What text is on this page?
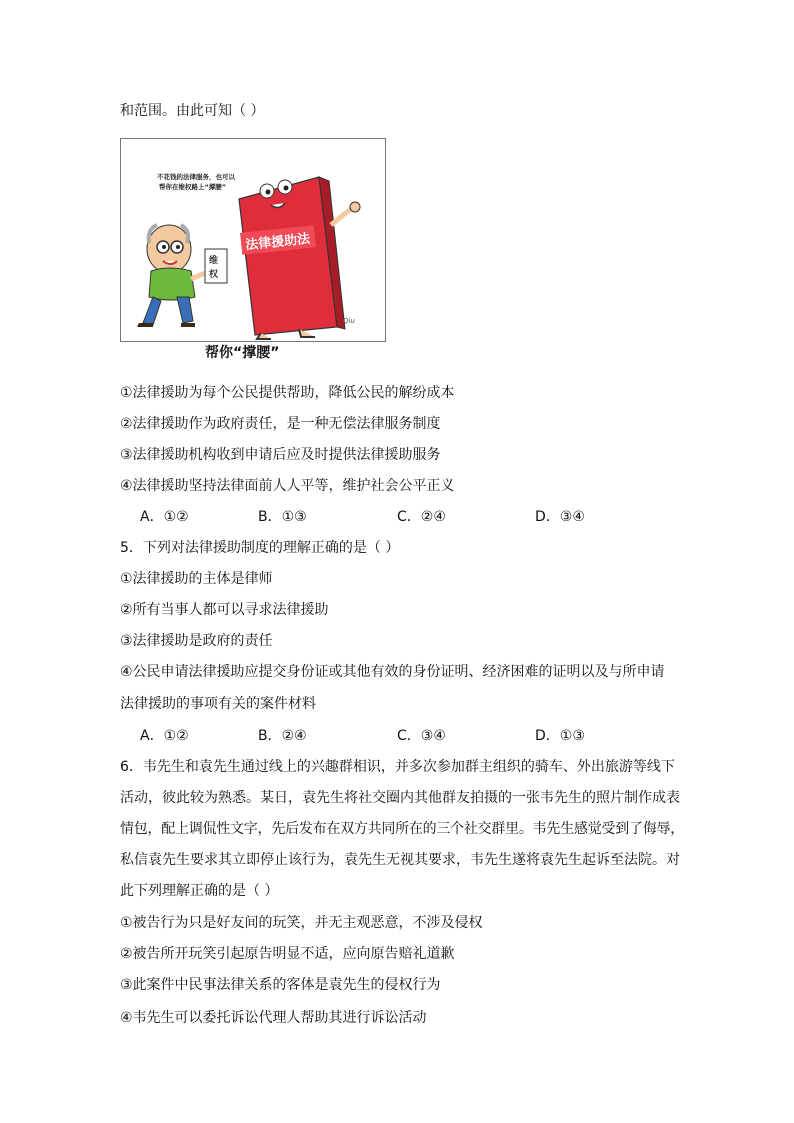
和范围。由此可知（ ）
不花钱的法律服务，也可以
帮你在维权路上“撑腰”
维
权
法律援助法
Qiu
帮你“撑腰”
①法律援助为每个公民提供帮助，降低公民的解纷成本
②法律援助作为政府责任，是一种无偿法律服务制度
③法律援助机构收到申请后应及时提供法律援助服务
④法律援助坚持法律面前人人平等，维护社会公平正义
A．①②	B．①③	C．②④	D．③④
5．下列对法律援助制度的理解正确的是（ ）
①法律援助的主体是律师
②所有当事人都可以寻求法律援助
③法律援助是政府的责任
④公民申请法律援助应提交身份证或其他有效的身份证明、经济困难的证明以及与所申请
法律援助的事项有关的案件材料
A．①②	B．②④	C．③④	D．①③
6．韦先生和袁先生通过线上的兴趣群相识，并多次参加群主组织的骑车、外出旅游等线下
活动，彼此较为熟悉。某日，袁先生将社交圈内其他群友拍摄的一张韦先生的照片制作成表
情包，配上调侃性文字，先后发布在双方共同所在的三个社交群里。韦先生感觉受到了侮辱，
私信袁先生要求其立即停止该行为，袁先生无视其要求，韦先生遂将袁先生起诉至法院。对
此下列理解正确的是（ ）
①被告行为只是好友间的玩笑，并无主观恶意，不涉及侵权
②被告所开玩笑引起原告明显不适，应向原告赔礼道歉
③此案件中民事法律关系的客体是袁先生的侵权行为
④韦先生可以委托诉讼代理人帮助其进行诉讼活动
